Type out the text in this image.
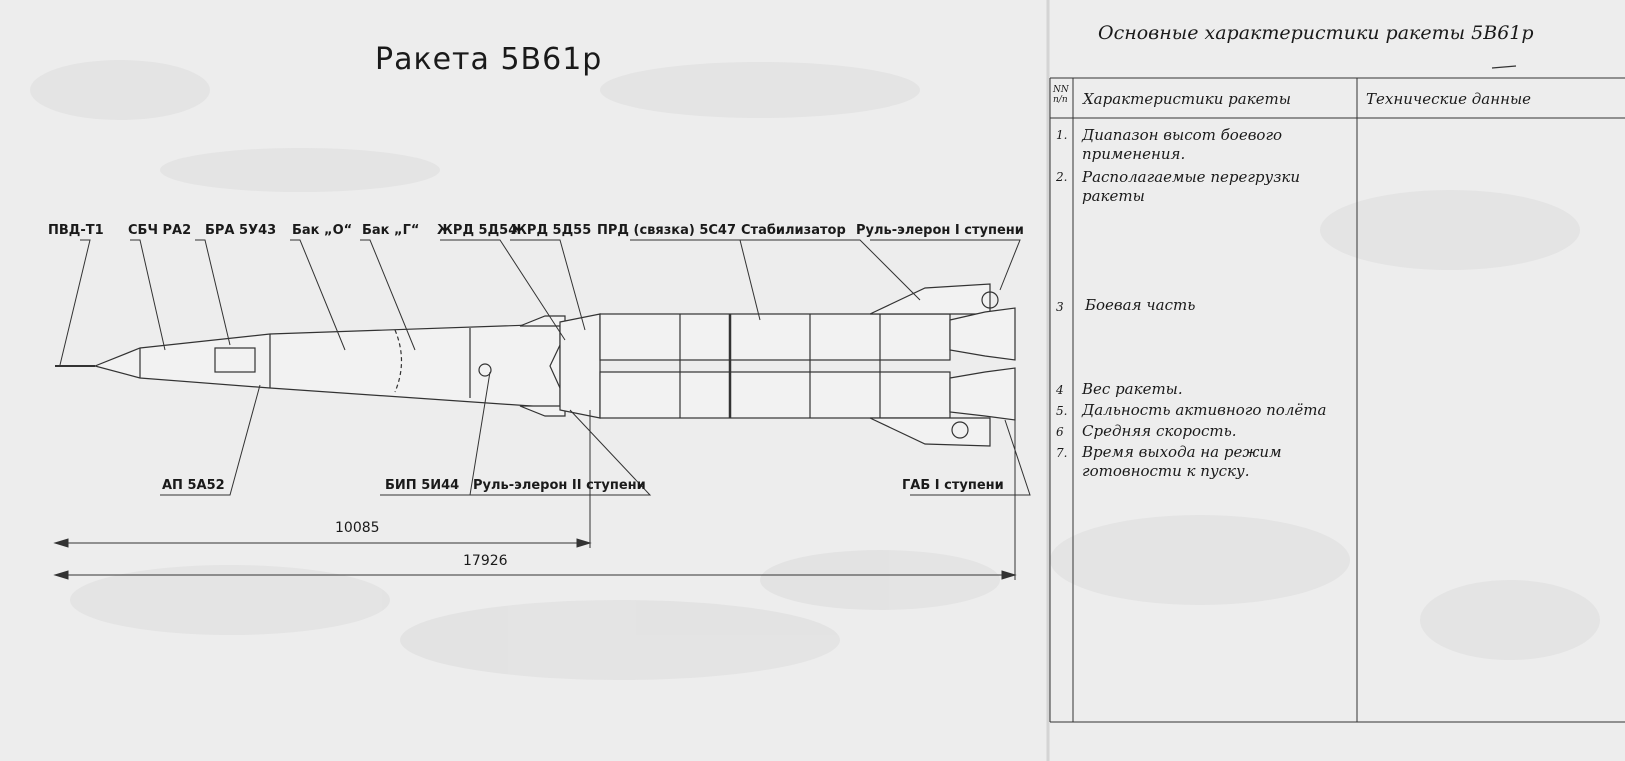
Ракета 5В61р
ПВД-Т1 СБЧ РА2 БРА 5У43 Бак „О“ Бак „Г“ ЖРД 5Д54
ЖРД 5Д55 ПРД (связка) 5С47 Стабилизатор Руль-элерон I ступени
АП 5А52	БИП 5И44 Руль-элерон II ступени	ГАБ I ступени
10085
17926
Основные характеристики ракеты 5В61р
NN п/п Характеристики ракеты	Технические данные
1. Диапазон высот боевого применения.
2. Располагаемые перегрузки ракеты
3 Боевая часть
4 Вес ракеты.
5. Дальность активного полёта
6 Средняя скорость.
7. Время выхода на режим готовности к пуску.
